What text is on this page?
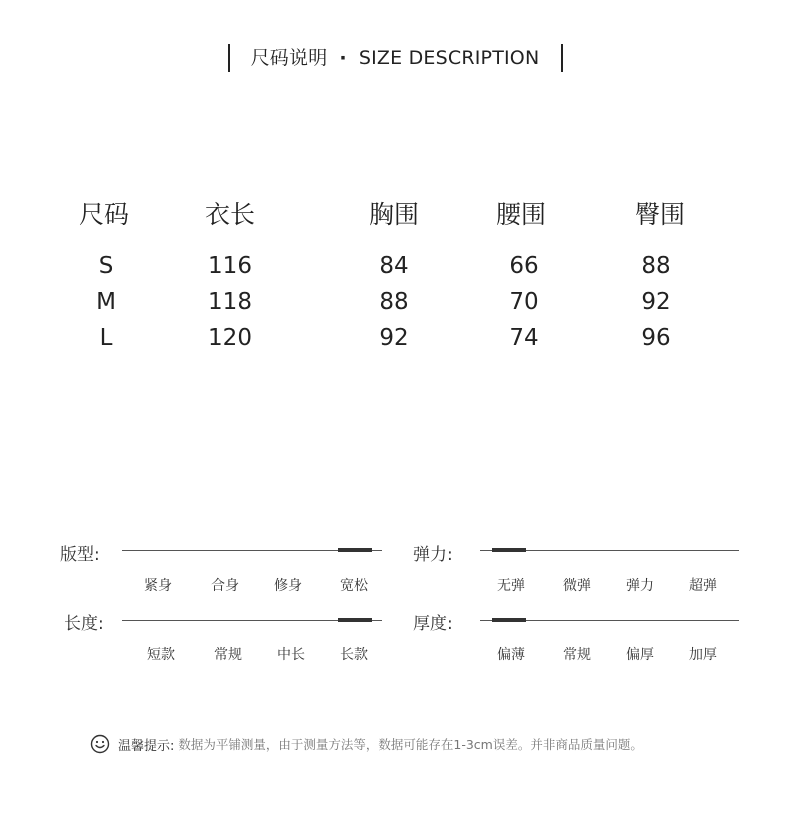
尺码说明 · SIZE DESCRIPTION
尺码	衣长	胸围	腰围	臀围
S	116	84	66	88
M	118	88	70	92
L	120	92	74	96
版型:
紧身	合身	修身	宽松
弹力:
无弹	微弹	弹力	超弹
长度:
短款	常规	中长	长款
厚度:
偏薄	常规	偏厚	加厚
温馨提示: 数据为平铺测量，由于测量方法等，数据可能存在1-3cm误差。并非商品质量问题。
